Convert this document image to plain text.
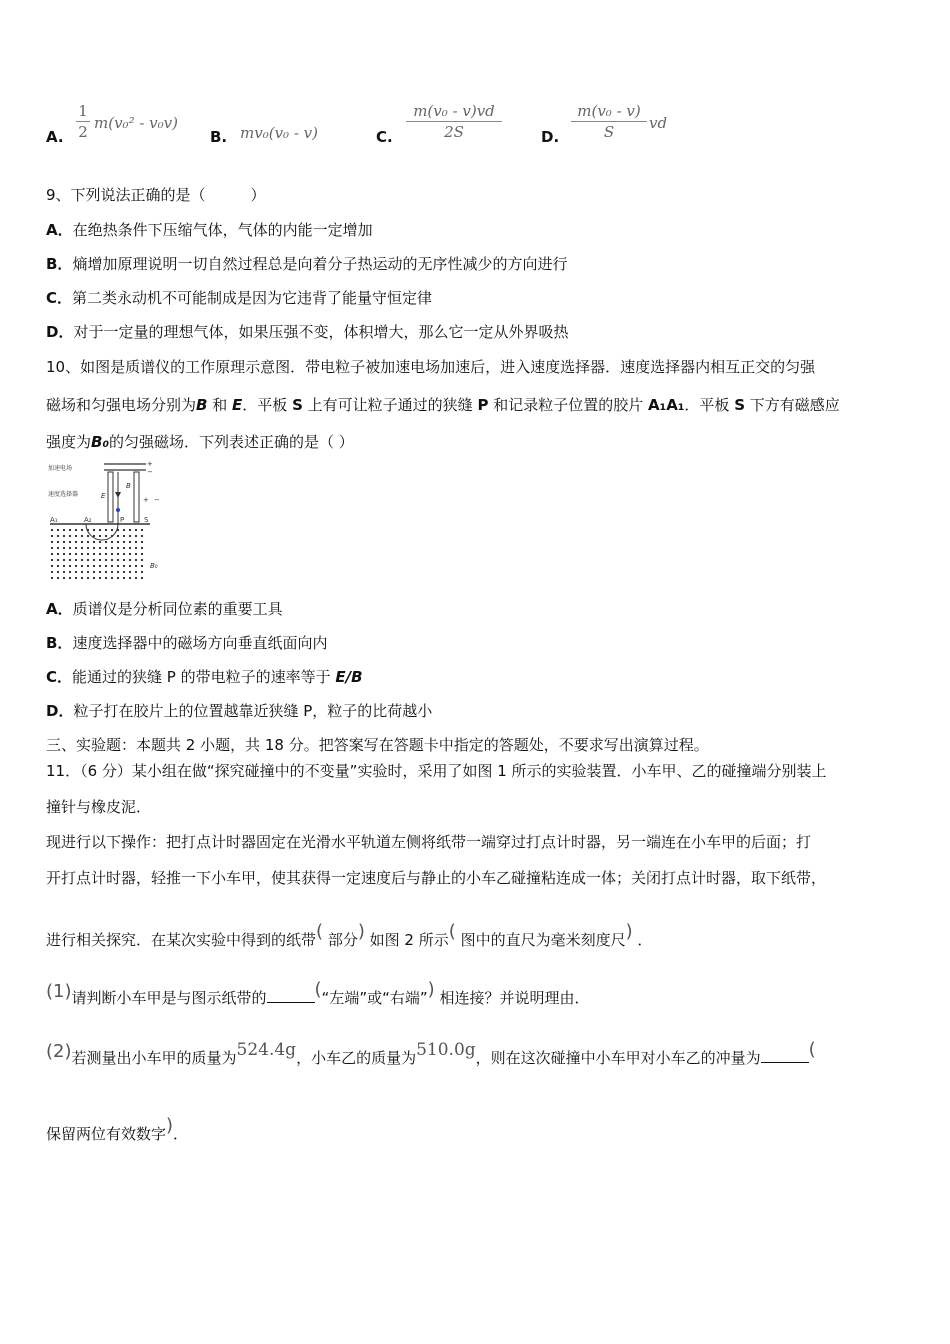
A. $\frac{1}{2} m(v_0^2 - v_0v)$
B. mv₀(v₀ - v)	C. $\frac{\text{m(v₀ - v)vd}}{2S}$	D. $\frac{\text{m(v₀ - v)}}{S}$ vd
9、下列说法正确的是（　　　）
A．在绝热条件下压缩气体，气体的内能一定增加
B．熵增加原理说明一切自然过程总是向着分子热运动的无序性减少的方向进行
C．第二类永动机不可能制成是因为它违背了能量守恒定律
D．对于一定量的理想气体，如果压强不变，体积增大，那么它一定从外界吸热
10、如图是质谱仪的工作原理示意图．带电粒子被加速电场加速后，进入速度选择器．速度选择器内相互正交的匀强
磁场和匀强电场分别为B 和 E．平板 S 上有可让粒子通过的狭缝 P 和记录粒子位置的胶片 A₁A₁．平板 S 下方有磁感应
强度为B₀的匀强磁场．下列表述正确的是（ ）
加速电场
+
−
速度选择器	E
B
+ −
A₁	A₂	P	S
B₀
A．质谱仪是分析同位素的重要工具
B．速度选择器中的磁场方向垂直纸面向内
C．能通过的狭缝 P 的带电粒子的速率等于 E/B
D．粒子打在胶片上的位置越靠近狭缝 P，粒子的比荷越小
三、实验题：本题共 2 小题，共 18 分。把答案写在答题卡中指定的答题处，不要求写出演算过程。
11．（6 分）某小组在做“探究碰撞中的不变量”实验时，采用了如图 1 所示的实验装置．小车甲、乙的碰撞端分别装上
撞针与橡皮泥．
现进行以下操作：把打点计时器固定在光滑水平轨道左侧将纸带一端穿过打点计时器，另一端连在小车甲的后面；打
开打点计时器，轻推一下小车甲，使其获得一定速度后与静止的小车乙碰撞粘连成一体；关闭打点计时器，取下纸带，
进行相关探究．在某次实验中得到的纸带( 部分) 如图 2 所示( 图中的直尺为毫米刻度尺) ．
(1)请判断小车甲是与图示纸带的	(“左端”或“右端”) 相连接？并说明理由．
(2)若测量出小车甲的质量为524.4g，小车乙的质量为510.0g，则在这次碰撞中小车甲对小车乙的冲量为	(
保留两位有效数字)．
